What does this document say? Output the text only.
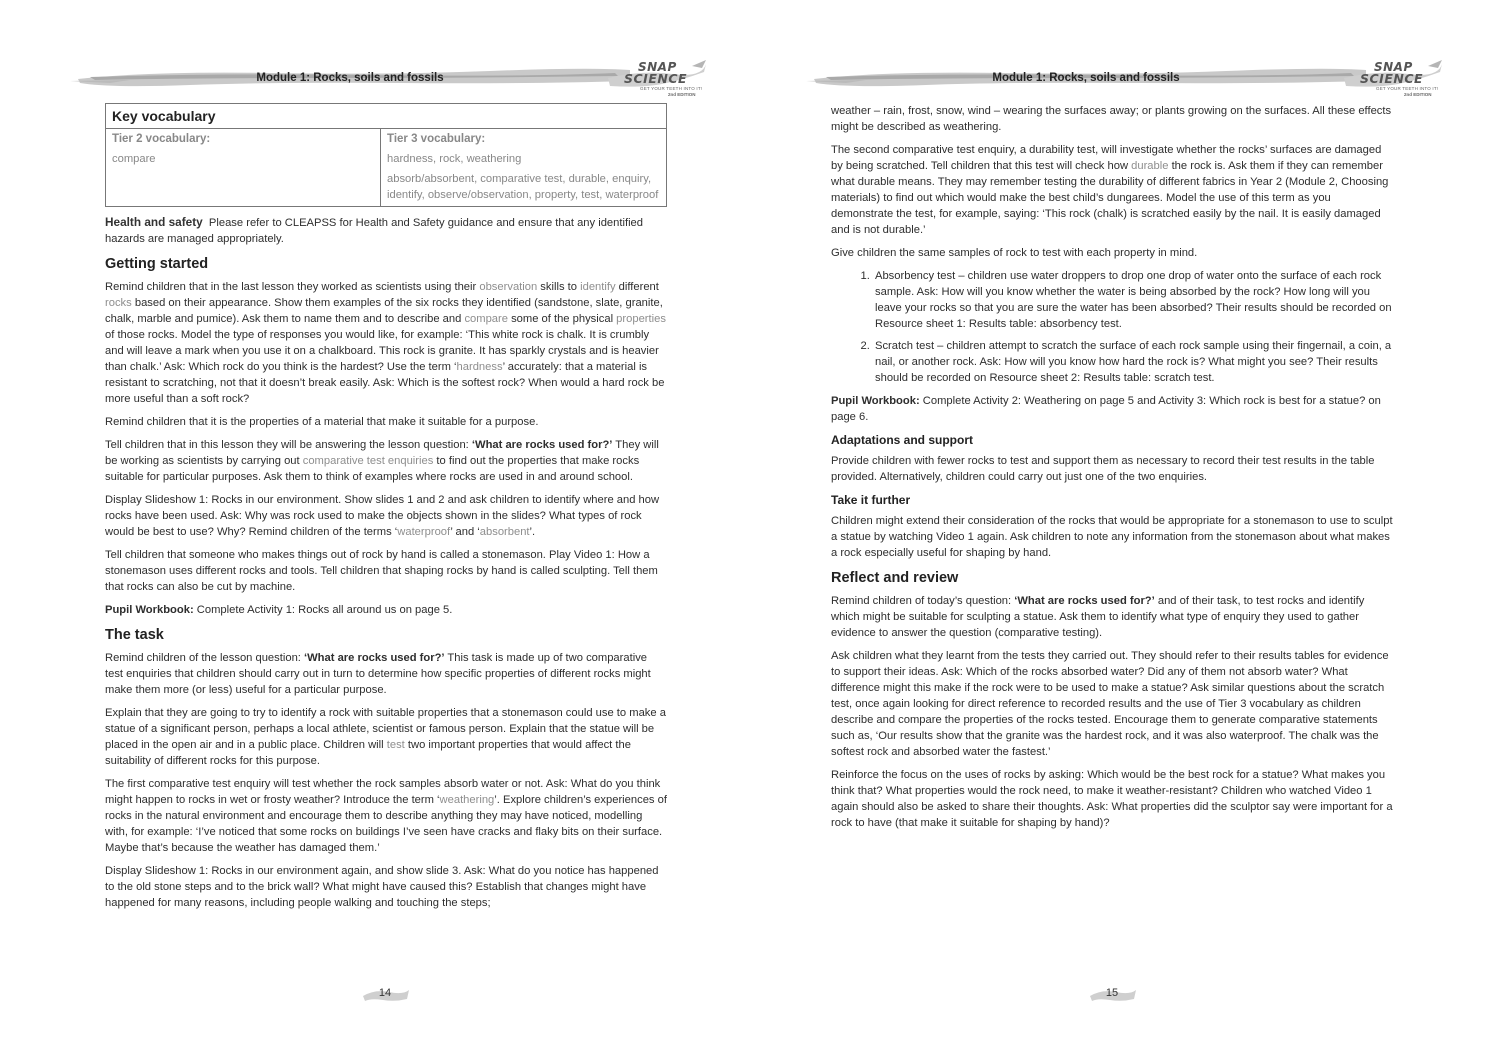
Module 1: Rocks, soils and fossils
SNAP
SCIENCE
GET YOUR TEETH INTO IT!
2nd EDITION
Key vocabulary
Tier 2 vocabulary:
compare
Tier 3 vocabulary:
hardness, rock, weathering
absorb/absorbent, comparative test, durable, enquiry, identify, observe/observation, property, test, waterproof

Health and safety Please refer to CLEAPSS for Health and Safety guidance and ensure that any identified hazards are managed appropriately.

Getting started

Remind children that in the last lesson they worked as scientists using their observation skills to identify different rocks based on their appearance. Show them examples of the six rocks they identified (sandstone, slate, granite, chalk, marble and pumice). Ask them to name them and to describe and compare some of the physical properties of those rocks. Model the type of responses you would like, for example: ‘This white rock is chalk. It is crumbly and will leave a mark when you use it on a chalkboard. This rock is granite. It has sparkly crystals and is heavier than chalk.’ Ask: Which rock do you think is the hardest? Use the term ‘hardness’ accurately: that a material is resistant to scratching, not that it doesn’t break easily. Ask: Which is the softest rock? When would a hard rock be more useful than a soft rock?

Remind children that it is the properties of a material that make it suitable for a purpose.

Tell children that in this lesson they will be answering the lesson question: ‘What are rocks used for?’ They will be working as scientists by carrying out comparative test enquiries to find out the properties that make rocks suitable for particular purposes. Ask them to think of examples where rocks are used in and around school.

Display Slideshow 1: Rocks in our environment. Show slides 1 and 2 and ask children to identify where and how rocks have been used. Ask: Why was rock used to make the objects shown in the slides? What types of rock would be best to use? Why? Remind children of the terms ‘waterproof’ and ‘absorbent’.

Tell children that someone who makes things out of rock by hand is called a stonemason. Play Video 1: How a stonemason uses different rocks and tools. Tell children that shaping rocks by hand is called sculpting. Tell them that rocks can also be cut by machine.

Pupil Workbook: Complete Activity 1: Rocks all around us on page 5.

The task

Remind children of the lesson question: ‘What are rocks used for?’ This task is made up of two comparative test enquiries that children should carry out in turn to determine how specific properties of different rocks might make them more (or less) useful for a particular purpose.

Explain that they are going to try to identify a rock with suitable properties that a stonemason could use to make a statue of a significant person, perhaps a local athlete, scientist or famous person. Explain that the statue will be placed in the open air and in a public place. Children will test two important properties that would affect the suitability of different rocks for this purpose.

The first comparative test enquiry will test whether the rock samples absorb water or not. Ask: What do you think might happen to rocks in wet or frosty weather? Introduce the term ‘weathering’. Explore children’s experiences of rocks in the natural environment and encourage them to describe anything they may have noticed, modelling with, for example: ‘I’ve noticed that some rocks on buildings I’ve seen have cracks and flaky bits on their surface. Maybe that’s because the weather has damaged them.’

Display Slideshow 1: Rocks in our environment again, and show slide 3. Ask: What do you notice has happened to the old stone steps and to the brick wall? What might have caused this? Establish that changes might have happened for many reasons, including people walking and touching the steps;

14
Module 1: Rocks, soils and fossils
SNAP
SCIENCE
GET YOUR TEETH INTO IT!
2nd EDITION

weather – rain, frost, snow, wind – wearing the surfaces away; or plants growing on the surfaces. All these effects might be described as weathering.

The second comparative test enquiry, a durability test, will investigate whether the rocks’ surfaces are damaged by being scratched. Tell children that this test will check how durable the rock is. Ask them if they can remember what durable means. They may remember testing the durability of different fabrics in Year 2 (Module 2, Choosing materials) to find out which would make the best child’s dungarees. Model the use of this term as you demonstrate the test, for example, saying: ‘This rock (chalk) is scratched easily by the nail. It is easily damaged and is not durable.’

Give children the same samples of rock to test with each property in mind.

1. Absorbency test – children use water droppers to drop one drop of water onto the surface of each rock sample. Ask: How will you know whether the water is being absorbed by the rock? How long will you leave your rocks so that you are sure the water has been absorbed? Their results should be recorded on Resource sheet 1: Results table: absorbency test.
2. Scratch test – children attempt to scratch the surface of each rock sample using their fingernail, a coin, a nail, or another rock. Ask: How will you know how hard the rock is? What might you see? Their results should be recorded on Resource sheet 2: Results table: scratch test.

Pupil Workbook: Complete Activity 2: Weathering on page 5 and Activity 3: Which rock is best for a statue? on page 6.

Adaptations and support

Provide children with fewer rocks to test and support them as necessary to record their test results in the table provided. Alternatively, children could carry out just one of the two enquiries.

Take it further

Children might extend their consideration of the rocks that would be appropriate for a stonemason to use to sculpt a statue by watching Video 1 again. Ask children to note any information from the stonemason about what makes a rock especially useful for shaping by hand.

Reflect and review

Remind children of today’s question: ‘What are rocks used for?’ and of their task, to test rocks and identify which might be suitable for sculpting a statue. Ask them to identify what type of enquiry they used to gather evidence to answer the question (comparative testing).

Ask children what they learnt from the tests they carried out. They should refer to their results tables for evidence to support their ideas. Ask: Which of the rocks absorbed water? Did any of them not absorb water? What difference might this make if the rock were to be used to make a statue? Ask similar questions about the scratch test, once again looking for direct reference to recorded results and the use of Tier 3 vocabulary as children describe and compare the properties of the rocks tested. Encourage them to generate comparative statements such as, ‘Our results show that the granite was the hardest rock, and it was also waterproof. The chalk was the softest rock and absorbed water the fastest.’

Reinforce the focus on the uses of rocks by asking: Which would be the best rock for a statue? What makes you think that? What properties would the rock need, to make it weather-resistant? Children who watched Video 1 again should also be asked to share their thoughts. Ask: What properties did the sculptor say were important for a rock to have (that make it suitable for shaping by hand)?

15
